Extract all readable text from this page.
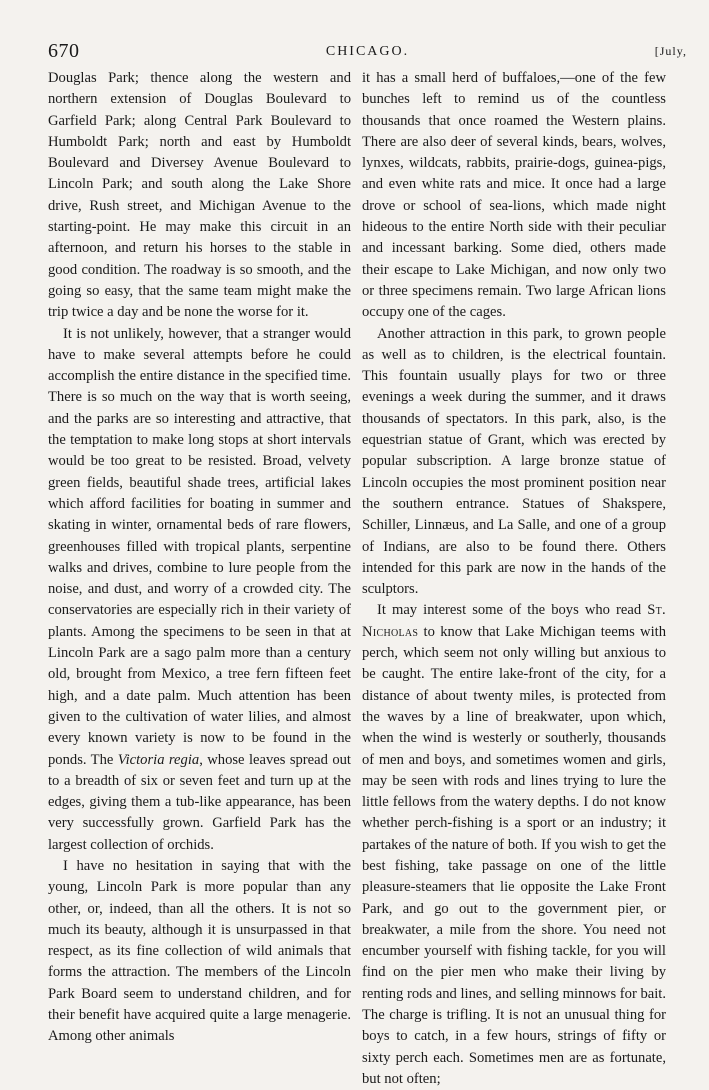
670	CHICAGO.	[July,

Douglas Park; thence along the western and northern extension of Douglas Boulevard to Garfield Park; along Central Park Boulevard to Humboldt Park; north and east by Humboldt Boulevard and Diversey Avenue Boulevard to Lincoln Park; and south along the Lake Shore drive, Rush street, and Michigan Avenue to the starting-point. He may make this circuit in an afternoon, and return his horses to the stable in good condition. The roadway is so smooth, and the going so easy, that the same team might make the trip twice a day and be none the worse for it.

It is not unlikely, however, that a stranger would have to make several attempts before he could accomplish the entire distance in the specified time. There is so much on the way that is worth seeing, and the parks are so interesting and attractive, that the temptation to make long stops at short intervals would be too great to be resisted. Broad, velvety green fields, beautiful shade trees, artificial lakes which afford facilities for boating in summer and skating in winter, ornamental beds of rare flowers, greenhouses filled with tropical plants, serpentine walks and drives, combine to lure people from the noise, and dust, and worry of a crowded city. The conservatories are especially rich in their variety of plants. Among the specimens to be seen in that at Lincoln Park are a sago palm more than a century old, brought from Mexico, a tree fern fifteen feet high, and a date palm. Much attention has been given to the cultivation of water lilies, and almost every known variety is now to be found in the ponds. The Victoria regia, whose leaves spread out to a breadth of six or seven feet and turn up at the edges, giving them a tub-like appearance, has been very successfully grown. Garfield Park has the largest collection of orchids.

I have no hesitation in saying that with the young, Lincoln Park is more popular than any other, or, indeed, than all the others. It is not so much its beauty, although it is unsurpassed in that respect, as its fine collection of wild animals that forms the attraction. The members of the Lincoln Park Board seem to understand children, and for their benefit have acquired quite a large menagerie. Among other animals

it has a small herd of buffaloes,—one of the few bunches left to remind us of the countless thousands that once roamed the Western plains. There are also deer of several kinds, bears, wolves, lynxes, wildcats, rabbits, prairie-dogs, guinea-pigs, and even white rats and mice. It once had a large drove or school of sea-lions, which made night hideous to the entire North side with their peculiar and incessant barking. Some died, others made their escape to Lake Michigan, and now only two or three specimens remain. Two large African lions occupy one of the cages.

Another attraction in this park, to grown people as well as to children, is the electrical fountain. This fountain usually plays for two or three evenings a week during the summer, and it draws thousands of spectators. In this park, also, is the equestrian statue of Grant, which was erected by popular subscription. A large bronze statue of Lincoln occupies the most prominent position near the southern entrance. Statues of Shakspere, Schiller, Linnæus, and La Salle, and one of a group of Indians, are also to be found there. Others intended for this park are now in the hands of the sculptors.

It may interest some of the boys who read St. Nicholas to know that Lake Michigan teems with perch, which seem not only willing but anxious to be caught. The entire lake-front of the city, for a distance of about twenty miles, is protected from the waves by a line of breakwater, upon which, when the wind is westerly or southerly, thousands of men and boys, and sometimes women and girls, may be seen with rods and lines trying to lure the little fellows from the watery depths. I do not know whether perch-fishing is a sport or an industry; it partakes of the nature of both. If you wish to get the best fishing, take passage on one of the little pleasure-steamers that lie opposite the Lake Front Park, and go out to the government pier, or breakwater, a mile from the shore. You need not encumber yourself with fishing tackle, for you will find on the pier men who make their living by renting rods and lines, and selling minnows for bait. The charge is trifling. It is not an unusual thing for boys to catch, in a few hours, strings of fifty or sixty perch each. Sometimes men are as fortunate, but not often;
